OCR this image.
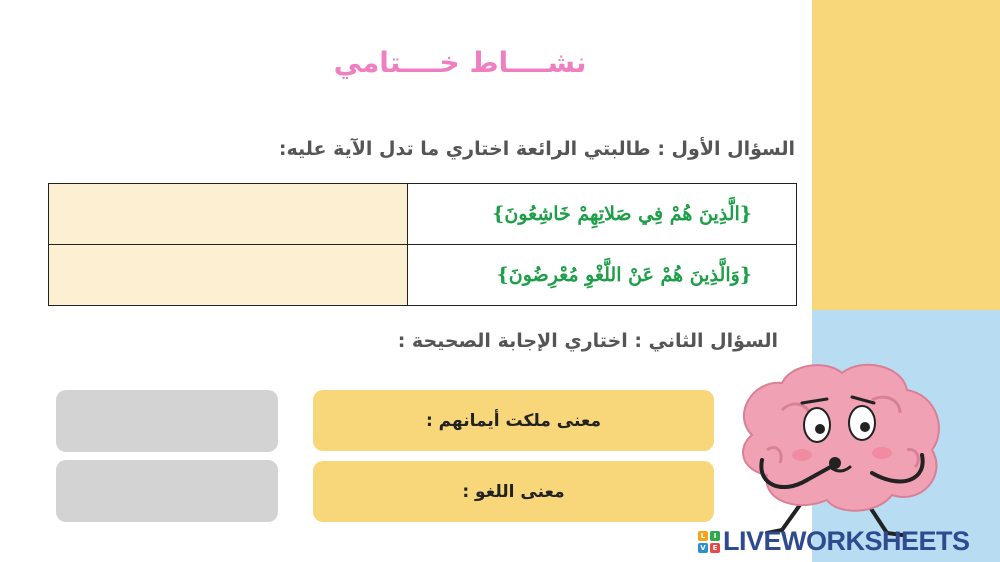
نشــــاط خــــتامي
السؤال الأول : طالبتي الرائعة اختاري ما تدل الآية عليه:
	{الَّذِينَ هُمْ فِي صَلاتِهِمْ خَاشِعُونَ}
	{وَالَّذِينَ هُمْ عَنْ اللَّغْوِ مُعْرِضُونَ}
السؤال الثاني : اختاري الإجابة الصحيحة :
معنى ملكت أيمانهم :
معنى اللغو :
L	I
V E LIVEWORKSHEETS
